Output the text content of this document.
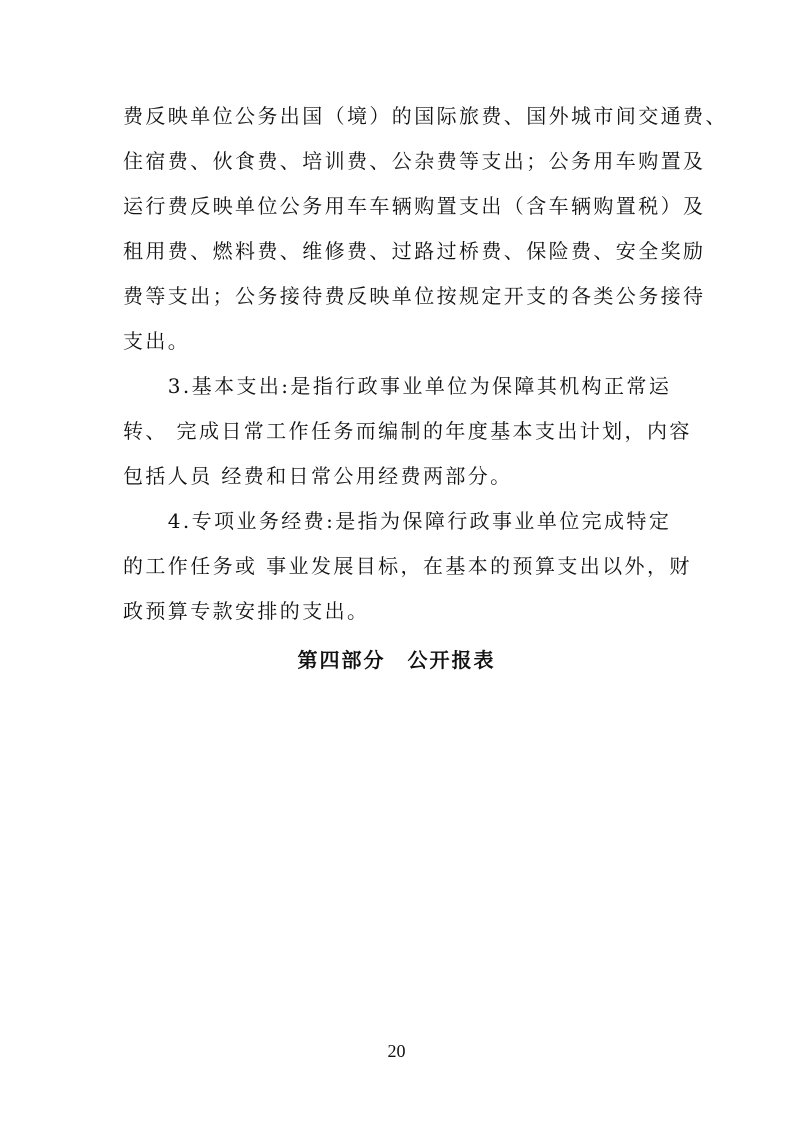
费反映单位公务出国（境）的国际旅费、国外城市间交通费、
住宿费、伙食费、培训费、公杂费等支出；公务用车购置及
运行费反映单位公务用车车辆购置支出（含车辆购置税）及
租用费、燃料费、维修费、过路过桥费、保险费、安全奖励
费等支出；公务接待费反映单位按规定开支的各类公务接待
支出。
　　3.基本支出:是指行政事业单位为保障其机构正常运
转、 完成日常工作任务而编制的年度基本支出计划，内容
包括人员 经费和日常公用经费两部分。
　　4.专项业务经费:是指为保障行政事业单位完成特定
的工作任务或 事业发展目标，在基本的预算支出以外，财
政预算专款安排的支出。
第四部分　公开报表
20
